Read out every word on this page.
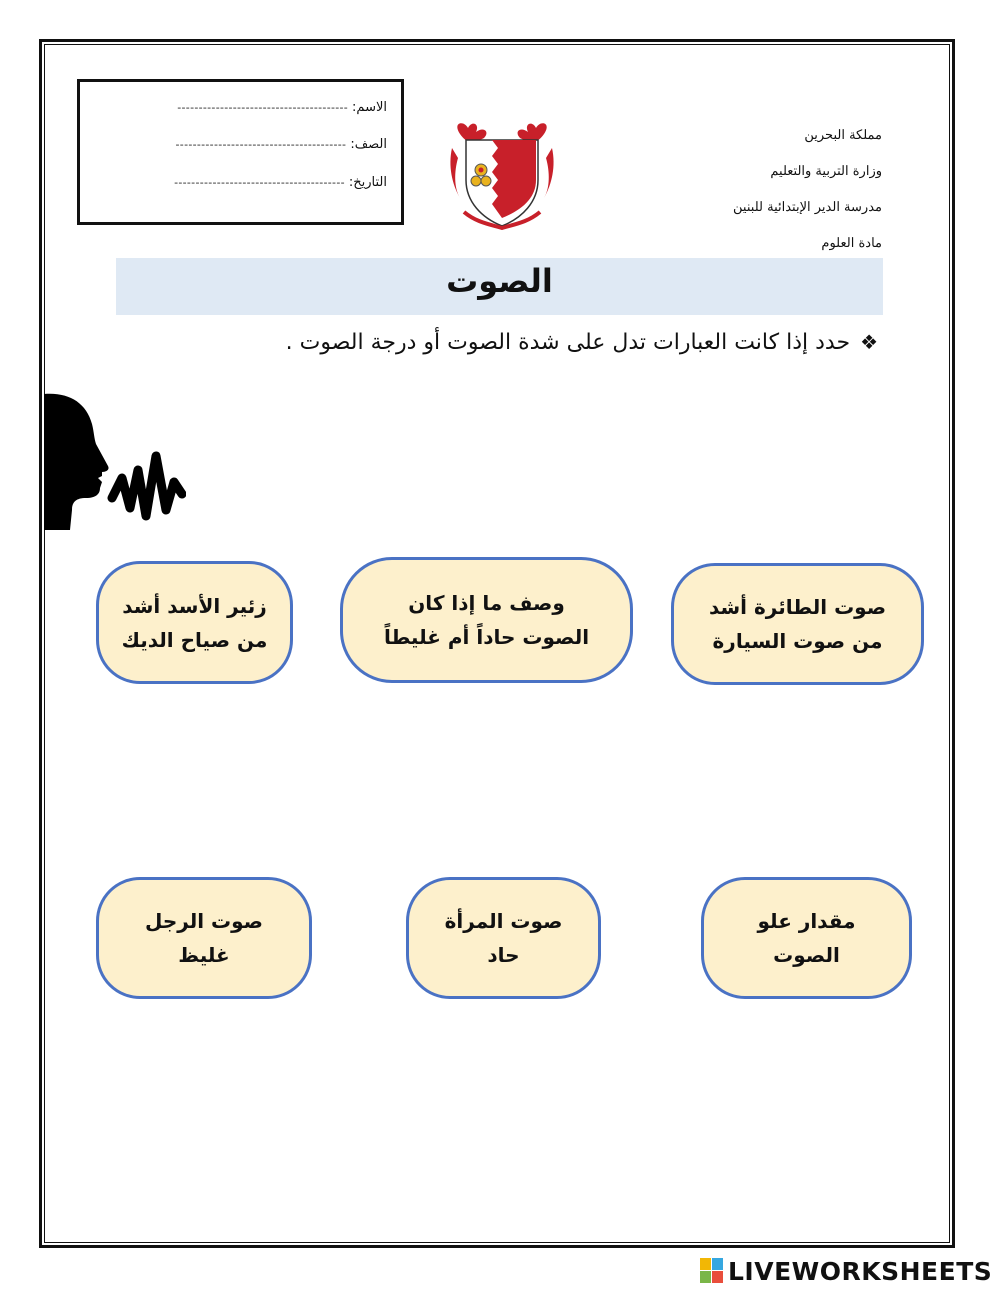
الاسم:
----------------------------------------
الصف:
----------------------------------------
التاريخ:
----------------------------------------
مملكة البحرين
وزارة التربية والتعليم
مدرسة الدير الإبتدائية للبنين
مادة العلوم
الصوت
❖حدد إذا كانت العبارات تدل على شدة الصوت أو درجة الصوت .
صوت الطائرة أشد
من صوت السيارة
وصف ما إذا كان
الصوت حاداً أم غليطاً
زئير الأسد أشد
من صياح الديك
مقدار علو
الصوت
صوت المرأة
حاد
صوت الرجل
غليظ
LIVEWORKSHEETS
